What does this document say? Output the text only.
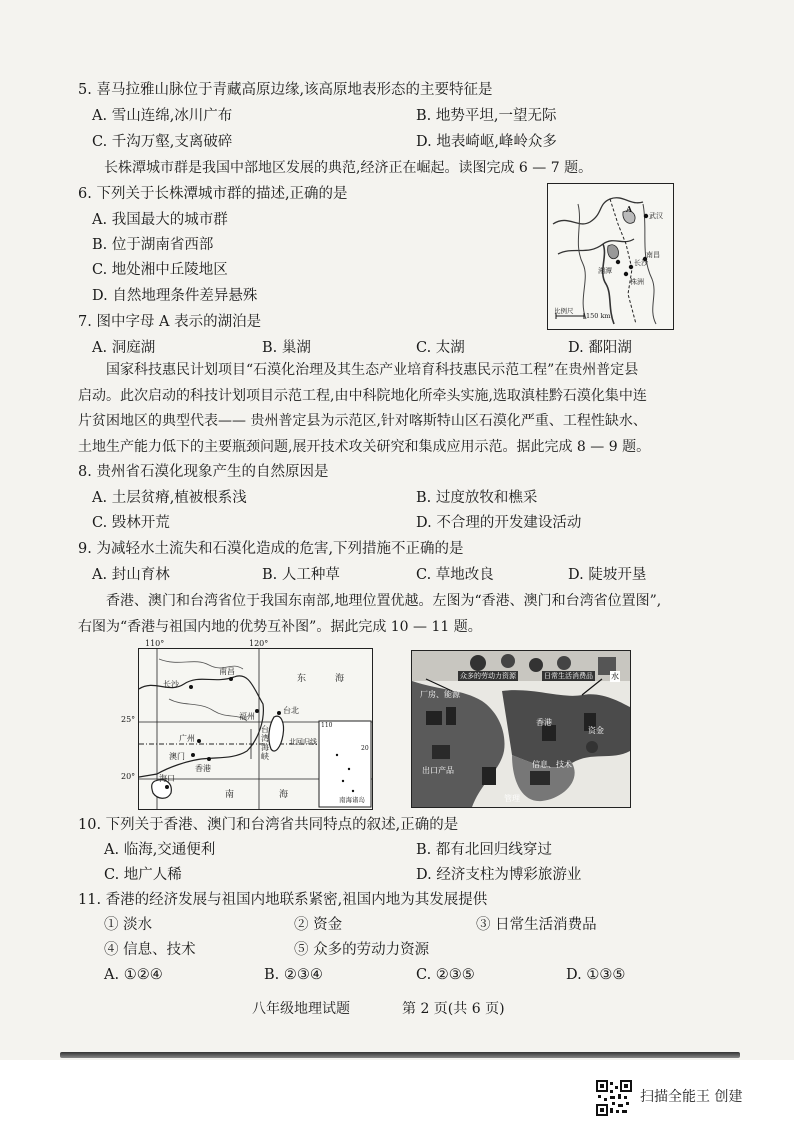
5. 喜马拉雅山脉位于青藏高原边缘,该高原地表形态的主要特征是
A. 雪山连绵,冰川广布	B. 地势平坦,一望无际
C. 千沟万壑,支离破碎	D. 地表崎岖,峰岭众多
长株潭城市群是我国中部地区发展的典范,经济正在崛起。读图完成 6 — 7 题。
6. 下列关于长株潭城市群的描述,正确的是
A. 我国最大的城市群
B. 位于湖南省西部
C. 地处湘中丘陵地区
D. 自然地理条件差异悬殊
武汉
南昌
长沙
湘潭
株洲
A
比例尺
150 km
7. 图中字母 A 表示的湖泊是
A. 洞庭湖	B. 巢湖	C. 太湖	D. 鄱阳湖

国家科技惠民计划项目“石漠化治理及其生态产业培育科技惠民示范工程”在贵州普定县

启动。此次启动的科技计划项目示范工程,由中科院地化所牵头实施,选取滇桂黔石漠化集中连

片贫困地区的典型代表—— 贵州普定县为示范区,针对喀斯特山区石漠化严重、工程性缺水、

土地生产能力低下的主要瓶颈问题,展开技术攻关研究和集成应用示范。据此完成 8 — 9 题。

8. 贵州省石漠化现象产生的自然原因是
A. 土层贫瘠,植被根系浅	B. 过度放牧和樵采
C. 毁林开荒	D. 不合理的开发建设活动
9. 为减轻水土流失和石漠化造成的危害,下列措施不正确的是
A. 封山育林	B. 人工种草	C. 草地改良	D. 陡坡开垦

香港、澳门和台湾省位于我国东南部,地理位置优越。左图为“香港、澳门和台湾省位置图”,

右图为“香港与祖国内地的优势互补图”。据此完成 10 — 11 题。

110°	120°
25°
20°
长沙
南昌
福州
台北
东	海
广州
澳门
香港
海口
台
湾
海
峡
北回归线
110
20
南海诸岛
南	海
众多的劳动力资源	日常生活消费品 水
厂房、能源
香港
资金
出口产品
信息、技术
管理
10. 下列关于香港、澳门和台湾省共同特点的叙述,正确的是
A. 临海,交通便利	B. 都有北回归线穿过
C. 地广人稀	D. 经济支柱为博彩旅游业
11. 香港的经济发展与祖国内地联系紧密,祖国内地为其发展提供
① 淡水	② 资金	③ 日常生活消费品
④ 信息、技术	⑤ 众多的劳动力资源
A. ①②④	B. ②③④	C. ②③⑤	D. ①③⑤
八年级地理试题	第 2 页(共 6 页)
扫描全能王 创建
